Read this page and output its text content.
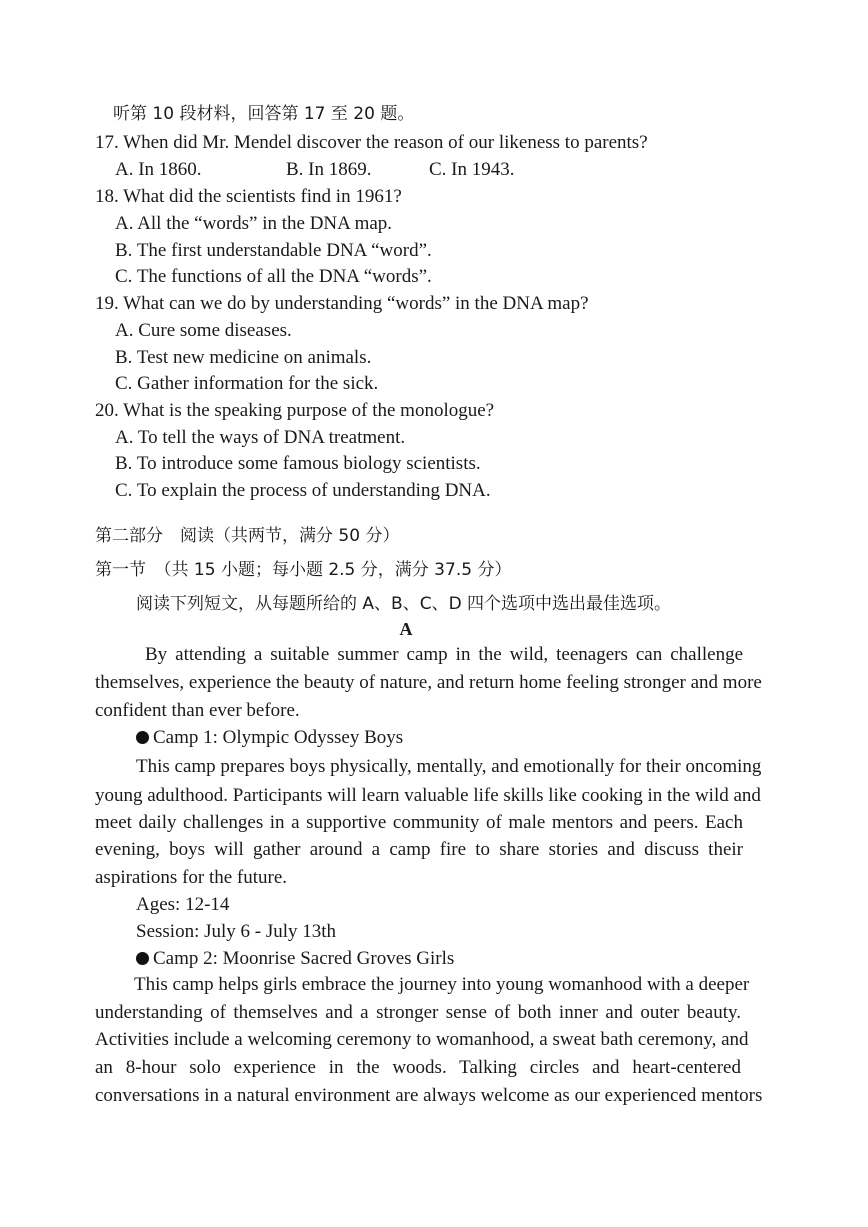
听第 10 段材料，回答第 17 至 20 题。
17. When did Mr. Mendel discover the reason of our likeness to parents?
A. In 1860.	B. In 1869.	C. In 1943.
18. What did the scientists find in 1961?
A. All the “words” in the DNA map.
B. The first understandable DNA “word”.
C. The functions of all the DNA “words”.
19. What can we do by understanding “words” in the DNA map?
A. Cure some diseases.
B. Test new medicine on animals.
C. Gather information for the sick.
20. What is the speaking purpose of the monologue?
A. To tell the ways of DNA treatment.
B. To introduce some famous biology scientists.
C. To explain the process of understanding DNA.
第二部分　阅读（共两节，满分 50 分）
第一节　（共 15 小题；每小题 2.5 分，满分 37.5 分）
阅读下列短文，从每题所给的 A、B、C、D 四个选项中选出最佳选项。
A
By attending a suitable summer camp in the wild, teenagers can challenge
themselves, experience the beauty of nature, and return home feeling stronger and more
confident than ever before.
Camp 1: Olympic Odyssey Boys
This camp prepares boys physically, mentally, and emotionally for their oncoming
young adulthood. Participants will learn valuable life skills like cooking in the wild and
meet daily challenges in a supportive community of male mentors and peers. Each
evening, boys will gather around a camp fire to share stories and discuss their
aspirations for the future.
Ages: 12-14
Session: July 6 - July 13th
Camp 2: Moonrise Sacred Groves Girls
This camp helps girls embrace the journey into young womanhood with a deeper
understanding of themselves and a stronger sense of both inner and outer beauty.
Activities include a welcoming ceremony to womanhood, a sweat bath ceremony, and
an 8-hour solo experience in the woods. Talking circles and heart-centered
conversations in a natural environment are always welcome as our experienced mentors
